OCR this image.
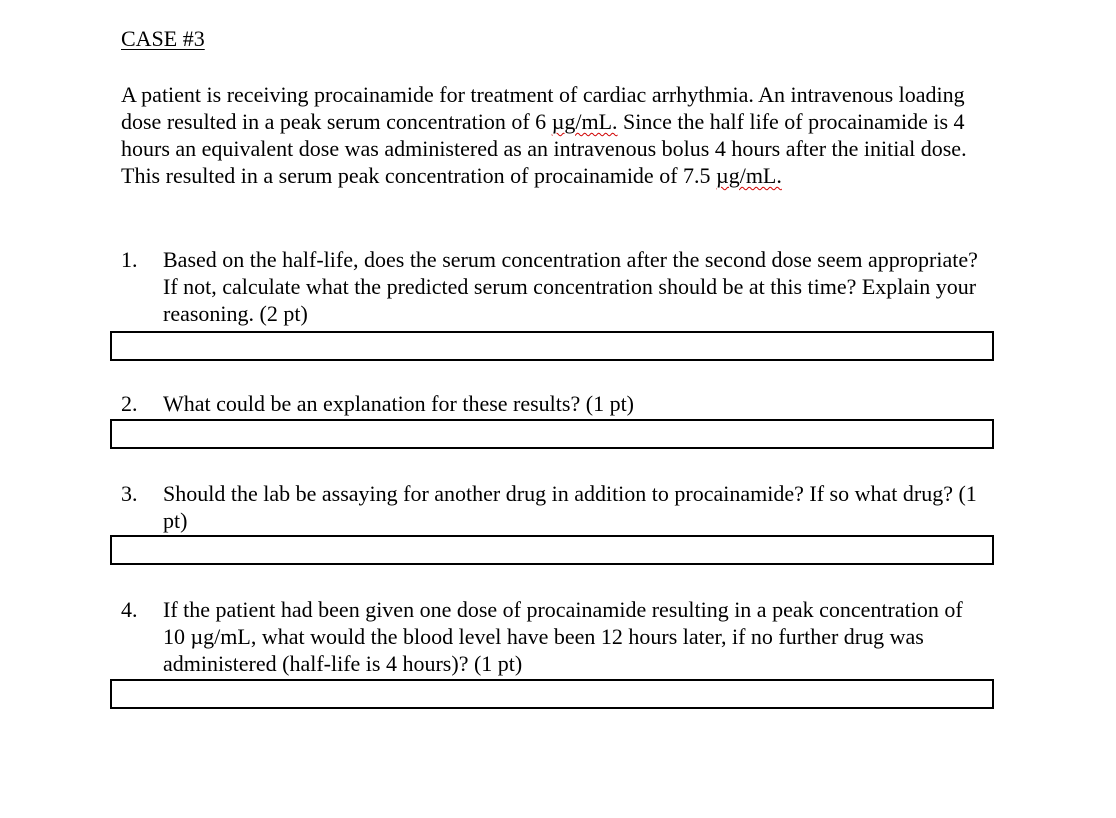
CASE #3

A patient is receiving procainamide for treatment of cardiac arrhythmia. An intravenous loading dose resulted in a peak serum concentration of 6 µg/mL. Since the half life of procainamide is 4 hours an equivalent dose was administered as an intravenous bolus 4 hours after the initial dose. This resulted in a serum peak concentration of procainamide of 7.5 µg/mL.

1.	Based on the half-life, does the serum concentration after the second dose seem appropriate? If not, calculate what the predicted serum concentration should be at this time? Explain your reasoning. (2 pt)
2.	What could be an explanation for these results? (1 pt)
3.	Should the lab be assaying for another drug in addition to procainamide? If so what drug? (1 pt)
4.	If the patient had been given one dose of procainamide resulting in a peak concentration of 10 µg/mL, what would the blood level have been 12 hours later, if no further drug was administered (half-life is 4 hours)? (1 pt)
